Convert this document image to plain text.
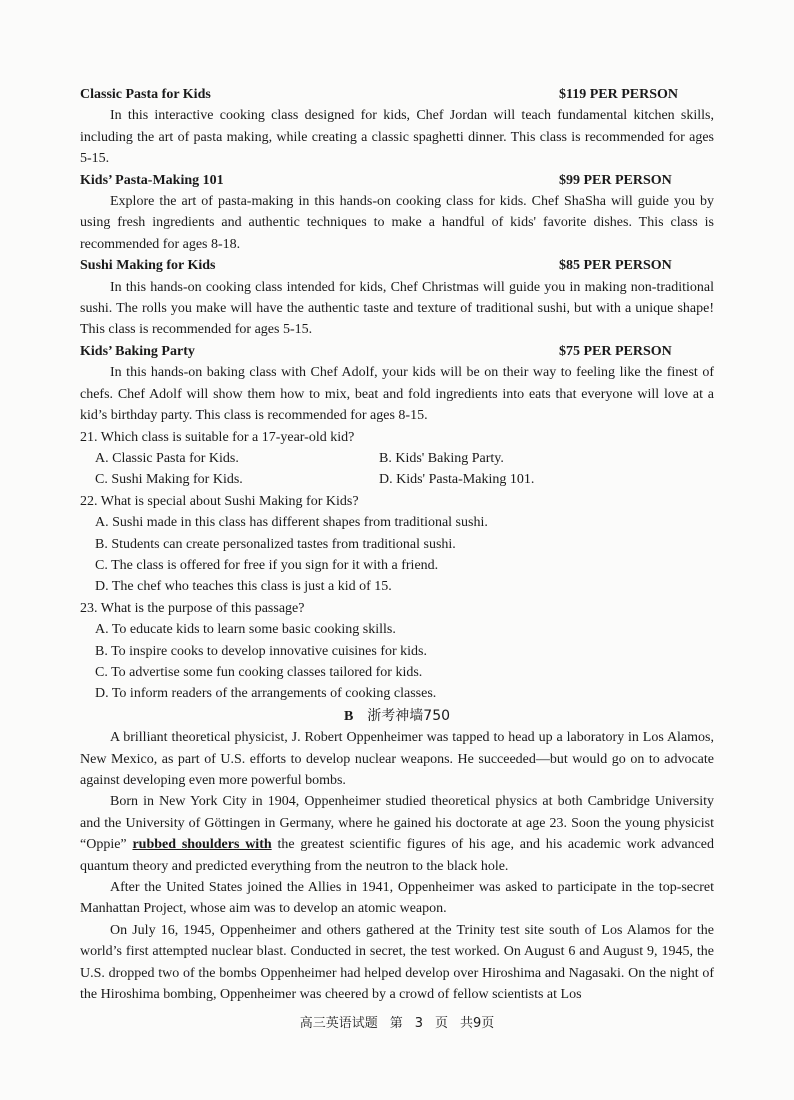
Classic Pasta for Kids	$119 PER PERSON

In this interactive cooking class designed for kids, Chef Jordan will teach fundamental kitchen skills, including the art of pasta making, while creating a classic spaghetti dinner. This class is recommended for ages 5-15.

Kids’ Pasta-Making 101	$99 PER PERSON

Explore the art of pasta-making in this hands-on cooking class for kids. Chef ShaSha will guide you by using fresh ingredients and authentic techniques to make a handful of kids' favorite dishes. This class is recommended for ages 8-18.

Sushi Making for Kids	$85 PER PERSON

In this hands-on cooking class intended for kids, Chef Christmas will guide you in making non-traditional sushi. The rolls you make will have the authentic taste and texture of traditional sushi, but with a unique shape! This class is recommended for ages 5-15.

Kids’ Baking Party	$75 PER PERSON

In this hands-on baking class with Chef Adolf, your kids will be on their way to feeling like the finest of chefs. Chef Adolf will show them how to mix, beat and fold ingredients into eats that everyone will love at a kid’s birthday party. This class is recommended for ages 8-15.

21. Which class is suitable for a 17-year-old kid?

A. Classic Pasta for Kids.	B. Kids' Baking Party.
C. Sushi Making for Kids.	D. Kids' Pasta-Making 101.

22. What is special about Sushi Making for Kids?

A. Sushi made in this class has different shapes from traditional sushi.
B. Students can create personalized tastes from traditional sushi.
C. The class is offered for free if you sign for it with a friend.
D. The chef who teaches this class is just a kid of 15.

23. What is the purpose of this passage?

A. To educate kids to learn some basic cooking skills.
B. To inspire cooks to develop innovative cuisines for kids.
C. To advertise some fun cooking classes tailored for kids.
D. To inform readers of the arrangements of cooking classes.
B 浙考神墙750

A brilliant theoretical physicist, J. Robert Oppenheimer was tapped to head up a laboratory in Los Alamos, New Mexico, as part of U.S. efforts to develop nuclear weapons. He succeeded—but would go on to advocate against developing even more powerful bombs.

Born in New York City in 1904, Oppenheimer studied theoretical physics at both Cambridge University and the University of Göttingen in Germany, where he gained his doctorate at age 23. Soon the young physicist “Oppie” rubbed shoulders with the greatest scientific figures of his age, and his academic work advanced quantum theory and predicted everything from the neutron to the black hole.

After the United States joined the Allies in 1941, Oppenheimer was asked to participate in the top-secret Manhattan Project, whose aim was to develop an atomic weapon.

On July 16, 1945, Oppenheimer and others gathered at the Trinity test site south of Los Alamos for the world’s first attempted nuclear blast. Conducted in secret, the test worked. On August 6 and August 9, 1945, the U.S. dropped two of the bombs Oppenheimer had helped develop over Hiroshima and Nagasaki. On the night of the Hiroshima bombing, Oppenheimer was cheered by a crowd of fellow scientists at Los

高三英语试题 第 3 页 共9页
